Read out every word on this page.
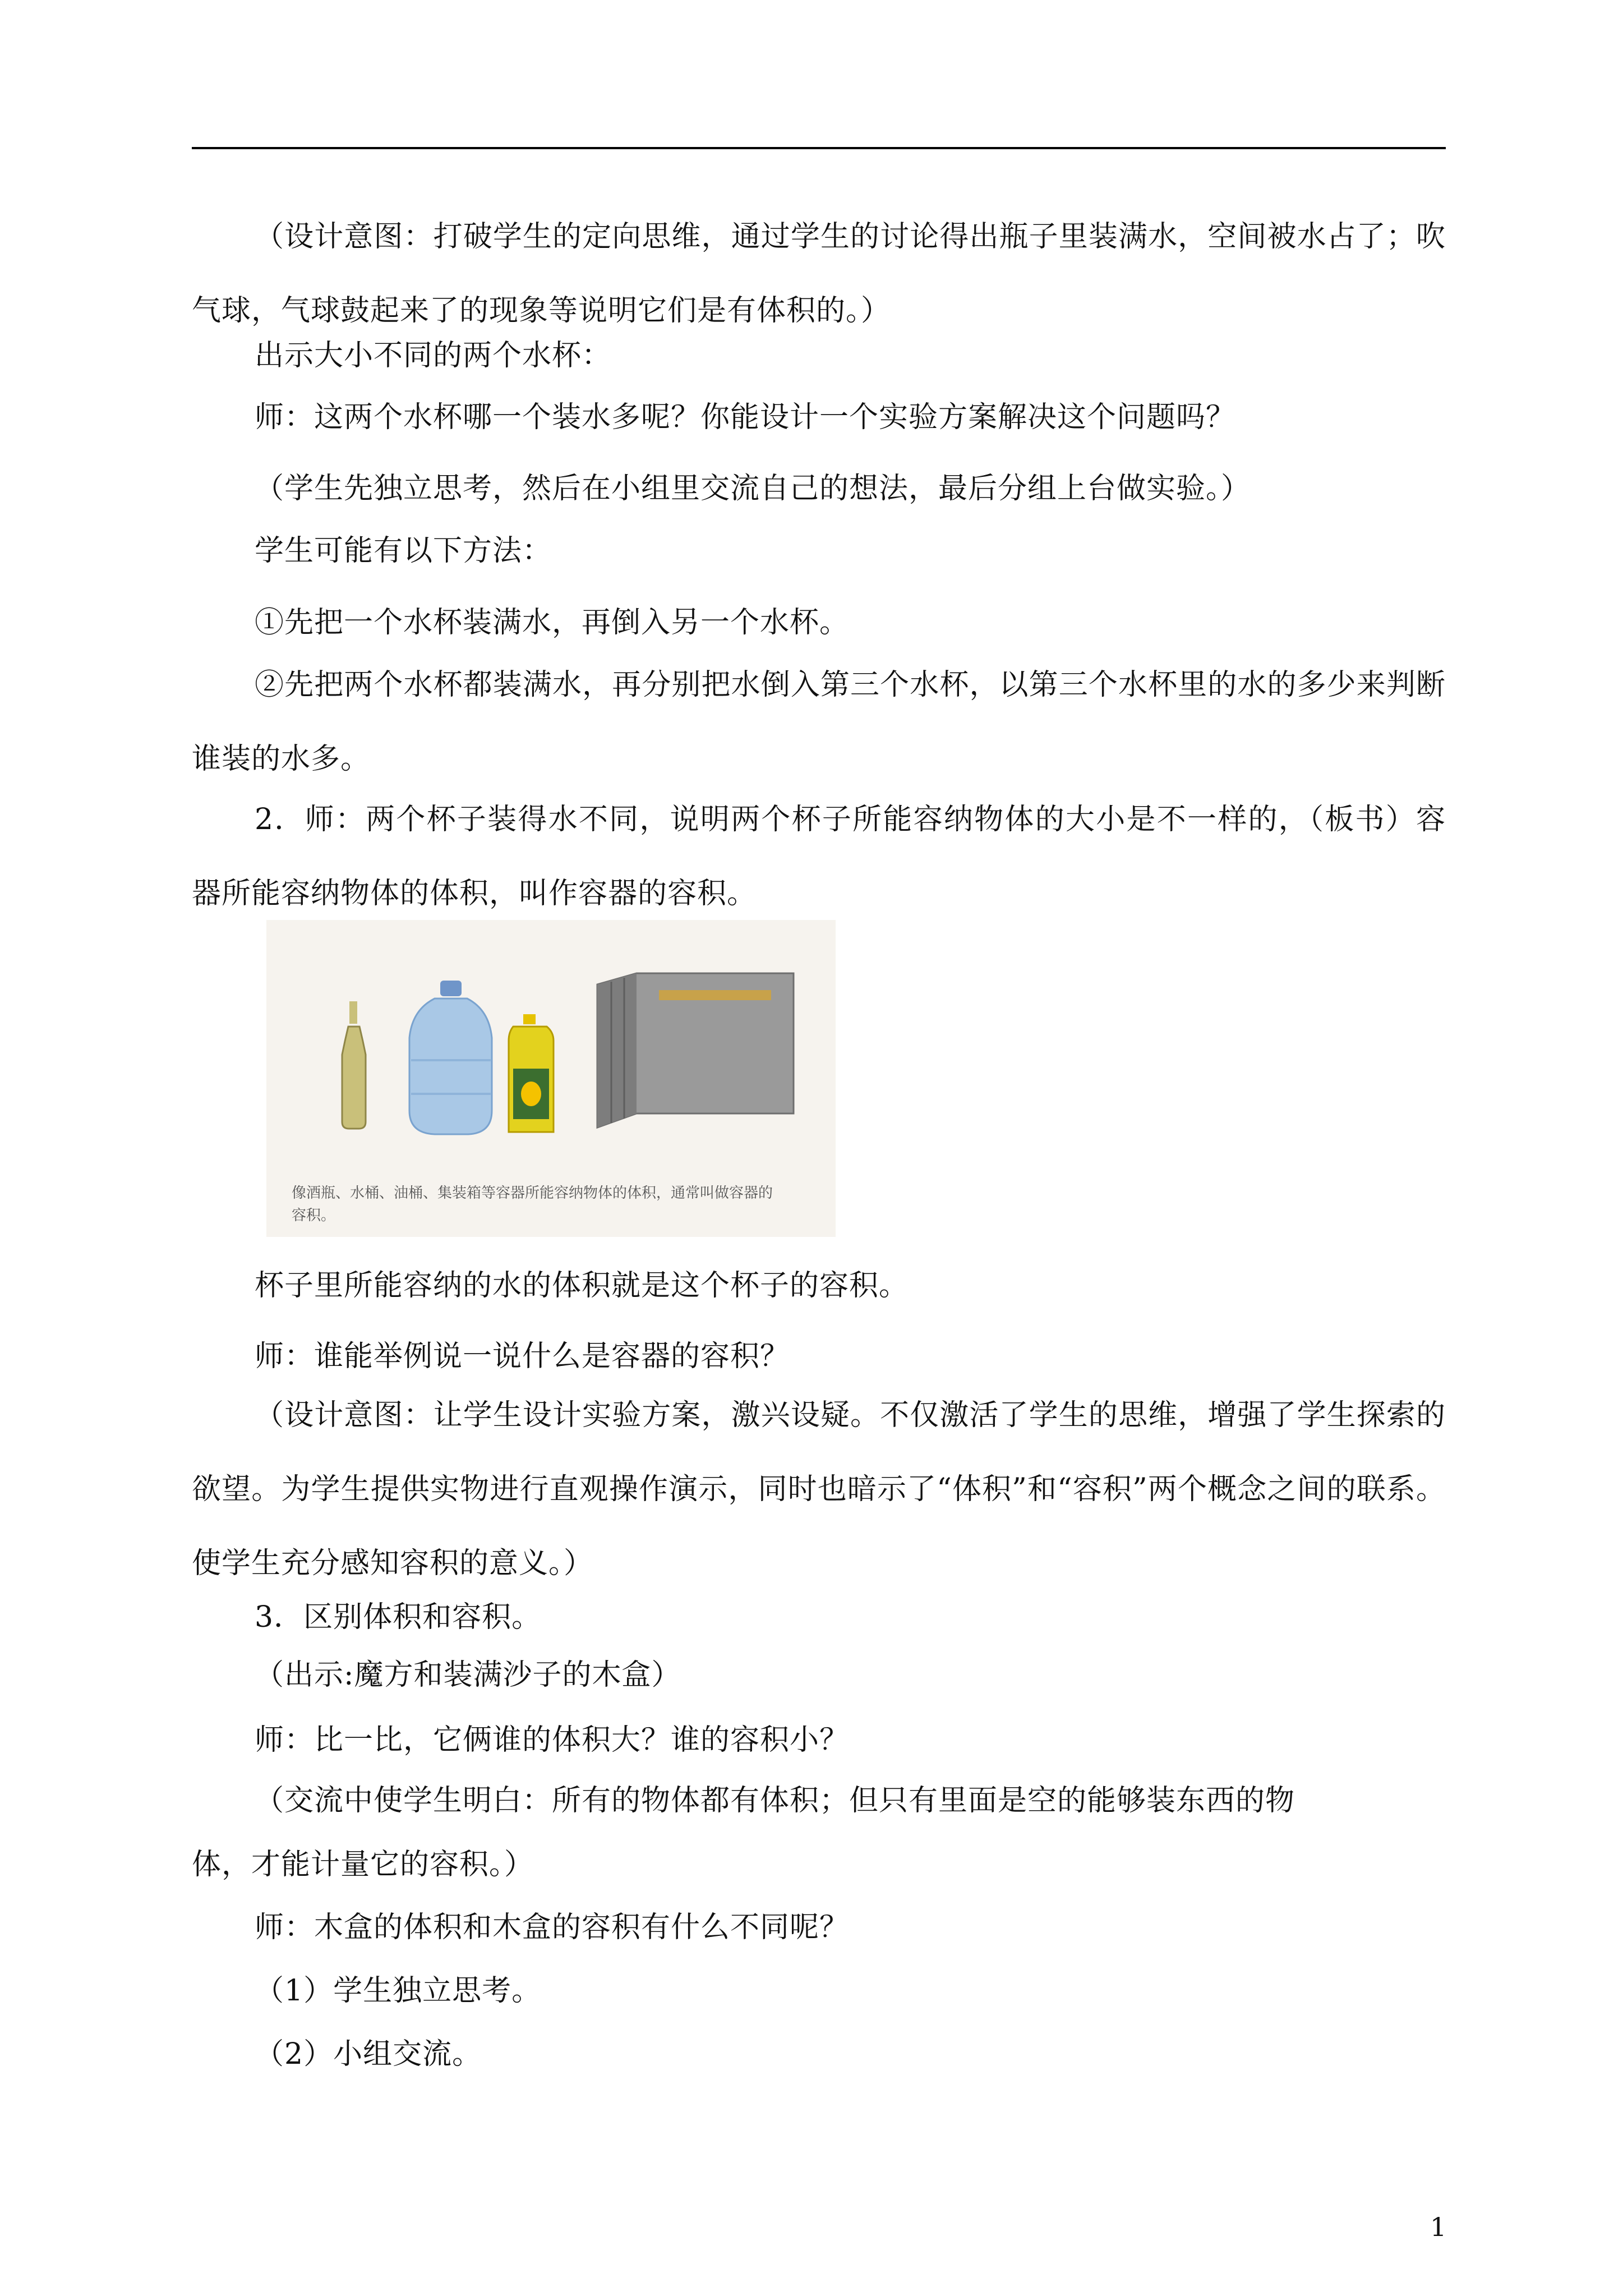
（设计意图：打破学生的定向思维，通过学生的讨论得出瓶子里装满水，空间被水占了；吹气球，气球鼓起来了的现象等说明它们是有体积的。）

出示大小不同的两个水杯：

师：这两个水杯哪一个装水多呢？你能设计一个实验方案解决这个问题吗？

（学生先独立思考，然后在小组里交流自己的想法，最后分组上台做实验。）

学生可能有以下方法：

①先把一个水杯装满水，再倒入另一个水杯。

②先把两个水杯都装满水，再分别把水倒入第三个水杯，以第三个水杯里的水的多少来判断谁装的水多。

2．师：两个杯子装得水不同，说明两个杯子所能容纳物体的大小是不一样的，（板书）容器所能容纳物体的体积，叫作容器的容积。

像酒瓶、水桶、油桶、集装箱等容器所能容纳物体的体积，通常叫做容器的
容积。

杯子里所能容纳的水的体积就是这个杯子的容积。

师：谁能举例说一说什么是容器的容积？

（设计意图：让学生设计实验方案，激兴设疑。不仅激活了学生的思维，增强了学生探索的欲望。为学生提供实物进行直观操作演示，同时也暗示了“体积”和“容积”两个概念之间的联系。使学生充分感知容积的意义。）

3．区别体积和容积。

（出示:魔方和装满沙子的木盒）

师：比一比，它俩谁的体积大？谁的容积小？

（交流中使学生明白：所有的物体都有体积；但只有里面是空的能够装东西的物

体，才能计量它的容积。）

师：木盒的体积和木盒的容积有什么不同呢？

（1）学生独立思考。

（2）小组交流。

1
